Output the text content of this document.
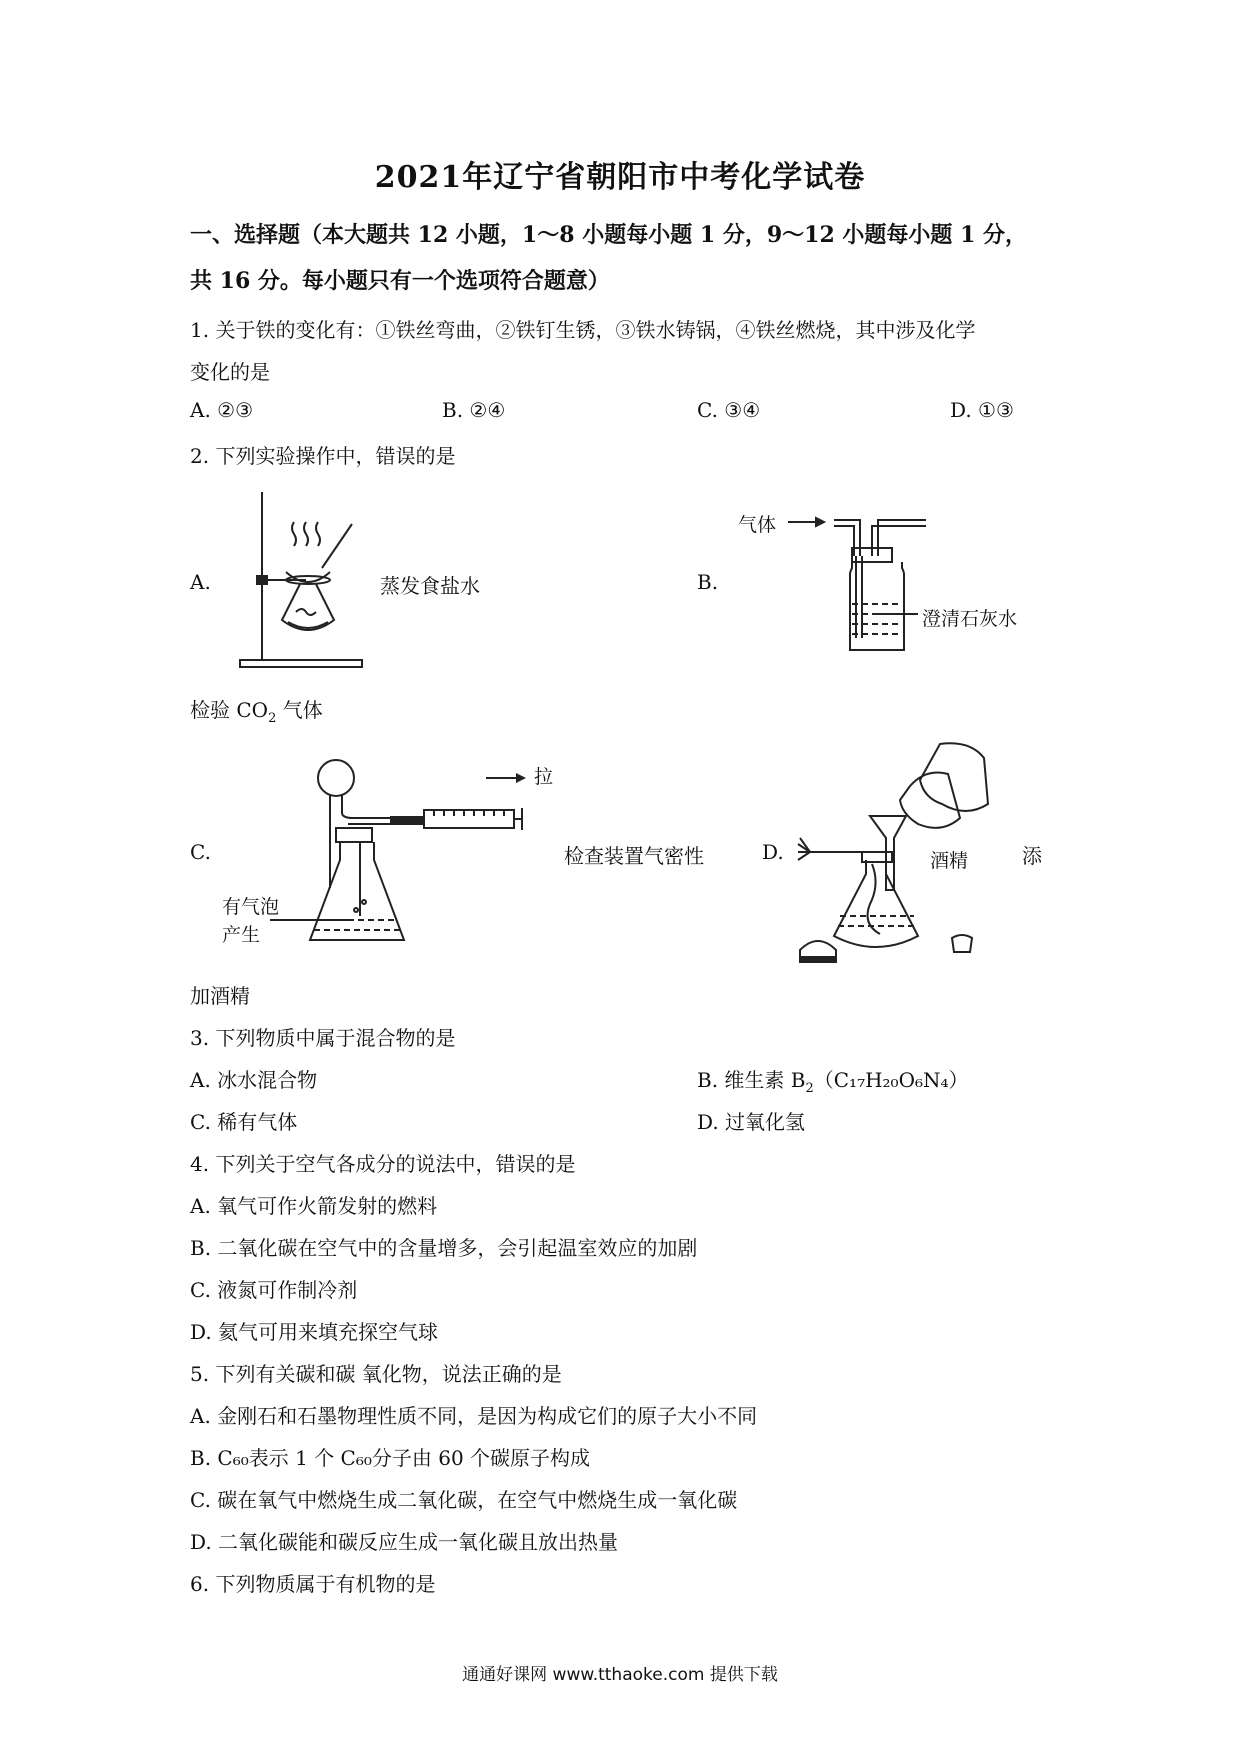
2021年辽宁省朝阳市中考化学试卷
一、选择题（本大题共 12 小题，1～8 小题每小题 1 分，9～12 小题每小题 1 分，
共 16 分。每小题只有一个选项符合题意）
1. 关于铁的变化有：①铁丝弯曲，②铁钉生锈，③铁水铸锅，④铁丝燃烧，其中涉及化学
变化的是
A. ②③	B. ②④	C. ③④	D. ①③
2. 下列实验操作中，错误的是
A.	蒸发食盐水	B.
气体
澄清石灰水
检验 $CO_2$ 气体
C.
拉
有气泡
产生
检查装置气密性	D.	酒精	添
加酒精
3. 下列物质中属于混合物的是
A. 冰水混合物	B. 维生素 $B_2(C_{17}H_{20}O_6N_4)$
C. 稀有气体	D. 过氧化氢
4. 下列关于空气各成分的说法中，错误的是
A. 氧气可作火箭发射的燃料
B. 二氧化碳在空气中的含量增多，会引起温室效应的加剧
C. 液氮可作制冷剂
D. 氦气可用来填充探空气球
5. 下列有关碳和碳 氧化物，说法正确的是
A. 金刚石和石墨物理性质不同，是因为构成它们的原子大小不同
B. C₆₀表示 1 个 C₆₀分子由 60 个碳原子构成
C. 碳在氧气中燃烧生成二氧化碳，在空气中燃烧生成一氧化碳
D. 二氧化碳能和碳反应生成一氧化碳且放出热量
6. 下列物质属于有机物的是
通通好课网 www.tthaoke.com 提供下载
